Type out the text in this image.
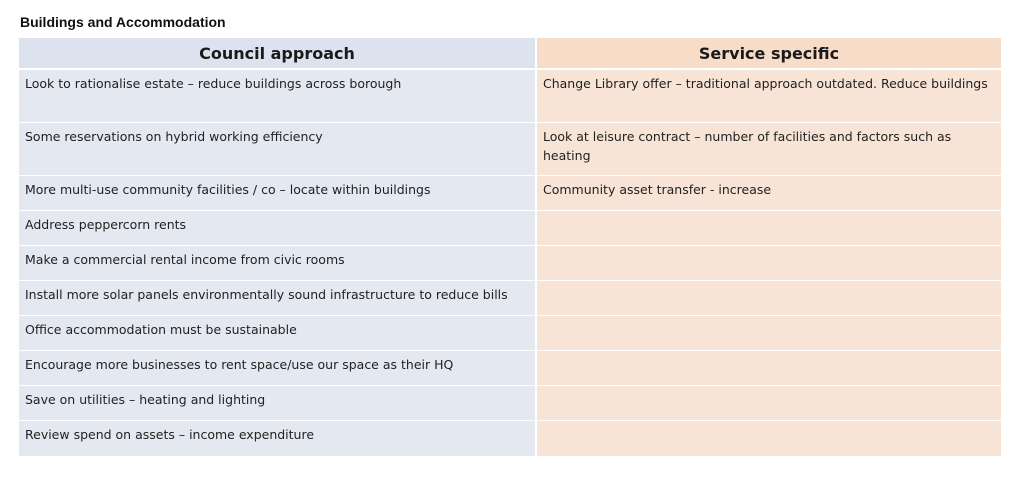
Buildings and Accommodation
Council approach	Service specific
Look to rationalise estate – reduce buildings across borough	Change Library offer – traditional approach outdated. Reduce buildings
Some reservations on hybrid working efficiency	Look at leisure contract – number of facilities and factors such as heating
More multi-use community facilities / co – locate within buildings	Community asset transfer - increase
Address peppercorn rents	
Make a commercial rental income from civic rooms	
Install more solar panels environmentally sound infrastructure to reduce bills	
Office accommodation must be sustainable	
Encourage more businesses to rent space/use our space as their HQ	
Save on utilities – heating and lighting	
Review spend on assets – income expenditure	
